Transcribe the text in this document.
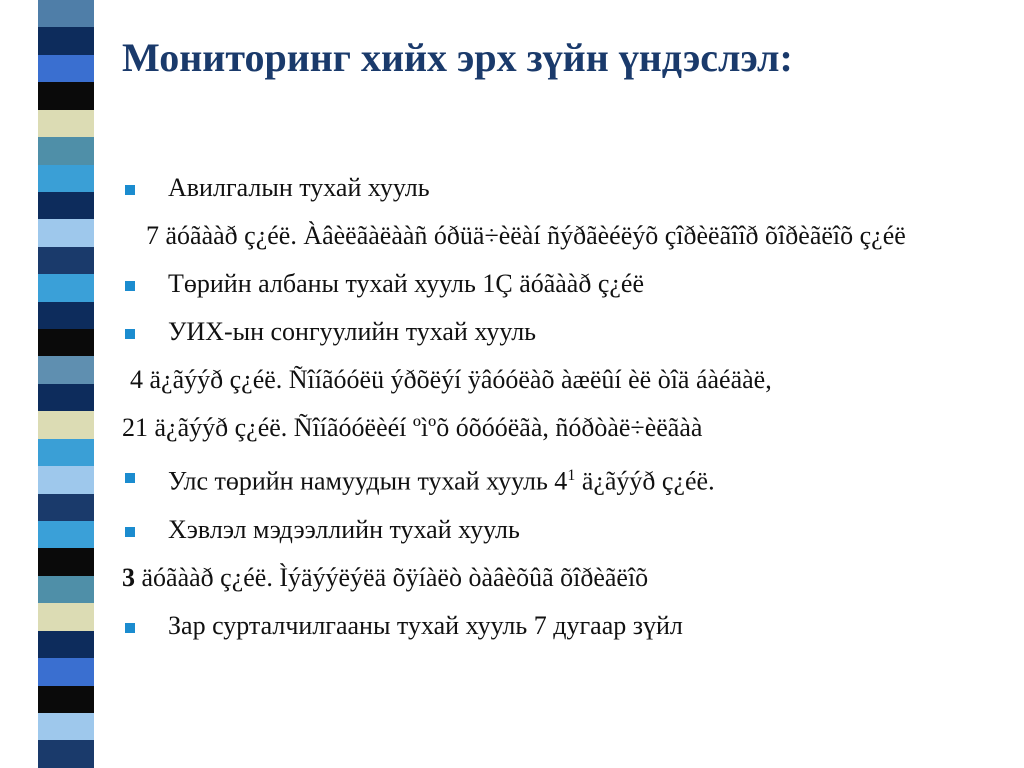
Мониторинг хийх эрх зүйн үндэслэл:
Авилгалын тухай хууль
7 äóãààð ç¿éë. Àâèëãàëààñ óðüä÷èëàí ñýðãèéëýõ çîðèëãîîð õîðèãëîõ ç¿éë
Төрийн албаны тухай хууль 1Ç äóãààð ç¿éë
УИХ-ын сонгуулийн тухай хууль
4 ä¿ãýýð ç¿éë. Ñîíãóóëü ýðõëýí ÿâóóëàõ àæëûí èë òîä áàéäàë,
21 ä¿ãýýð ç¿éë. Ñîíãóóëèéí ºìºõ óõóóëãà, ñóðòàë÷èëãàà
Улс төрийн намуудын тухай хууль $4^1$ ä¿ãýýð ç¿éë.
Хэвлэл мэдээллийн тухай хууль
3 äóãààð ç¿éë. Ìýäýýëýëä õÿíàëò òàâèõûã õîðèãëîõ
Зар сурталчилгааны тухай хууль 7 дугаар зүйл
